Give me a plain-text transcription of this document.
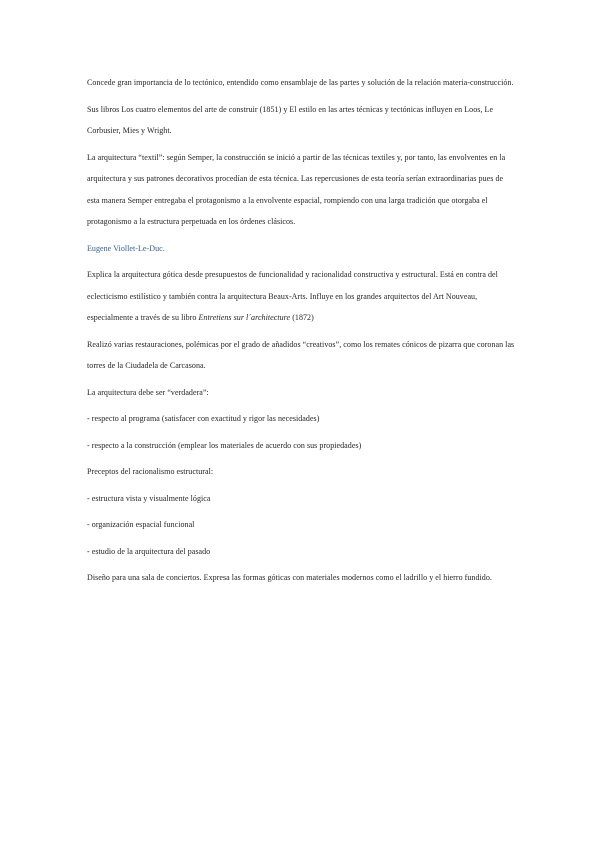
Concede gran importancia de lo tectónico, entendido como ensamblaje de las partes y solución de la relación materia-construcción.

Sus libros Los cuatro elementos del arte de construir (1851) y El estilo en las artes técnicas y tectónicas influyen en Loos, Le Corbusier, Mies y Wright.

La arquitectura “textil”: según Semper, la construcción se inició a partir de las técnicas textiles y, por tanto, las envolventes en la arquitectura y sus patrones decorativos procedían de esta técnica. Las repercusiones de esta teoría serían extraordinarias pues de esta manera Semper entregaba el protagonismo a la envolvente espacial, rompiendo con una larga tradición que otorgaba el protagonismo a la estructura perpetuada en los órdenes clásicos.

Eugene Viollet-Le-Duc.

Explica la arquitectura gótica desde presupuestos de funcionalidad y racionalidad constructiva y estructural. Está en contra del eclecticismo estilístico y también contra la arquitectura Beaux-Arts. Influye en los grandes arquitectos del Art Nouveau, especialmente a través de su libro Entretiens sur l´architecture (1872)

Realizó varias restauraciones, polémicas por el grado de añadidos “creativos”, como los remates cónicos de pizarra que coronan las torres de la Ciudadela de Carcasona.

La arquitectura debe ser “verdadera”:

- respecto al programa (satisfacer con exactitud y rigor las necesidades)

- respecto a la construcción (emplear los materiales de acuerdo con sus propiedades)

Preceptos del racionalismo estructural:

- estructura vista y visualmente lógica

- organización espacial funcional

- estudio de la arquitectura del pasado

Diseño para una sala de conciertos. Expresa las formas góticas con materiales modernos como el ladrillo y el hierro fundido.
